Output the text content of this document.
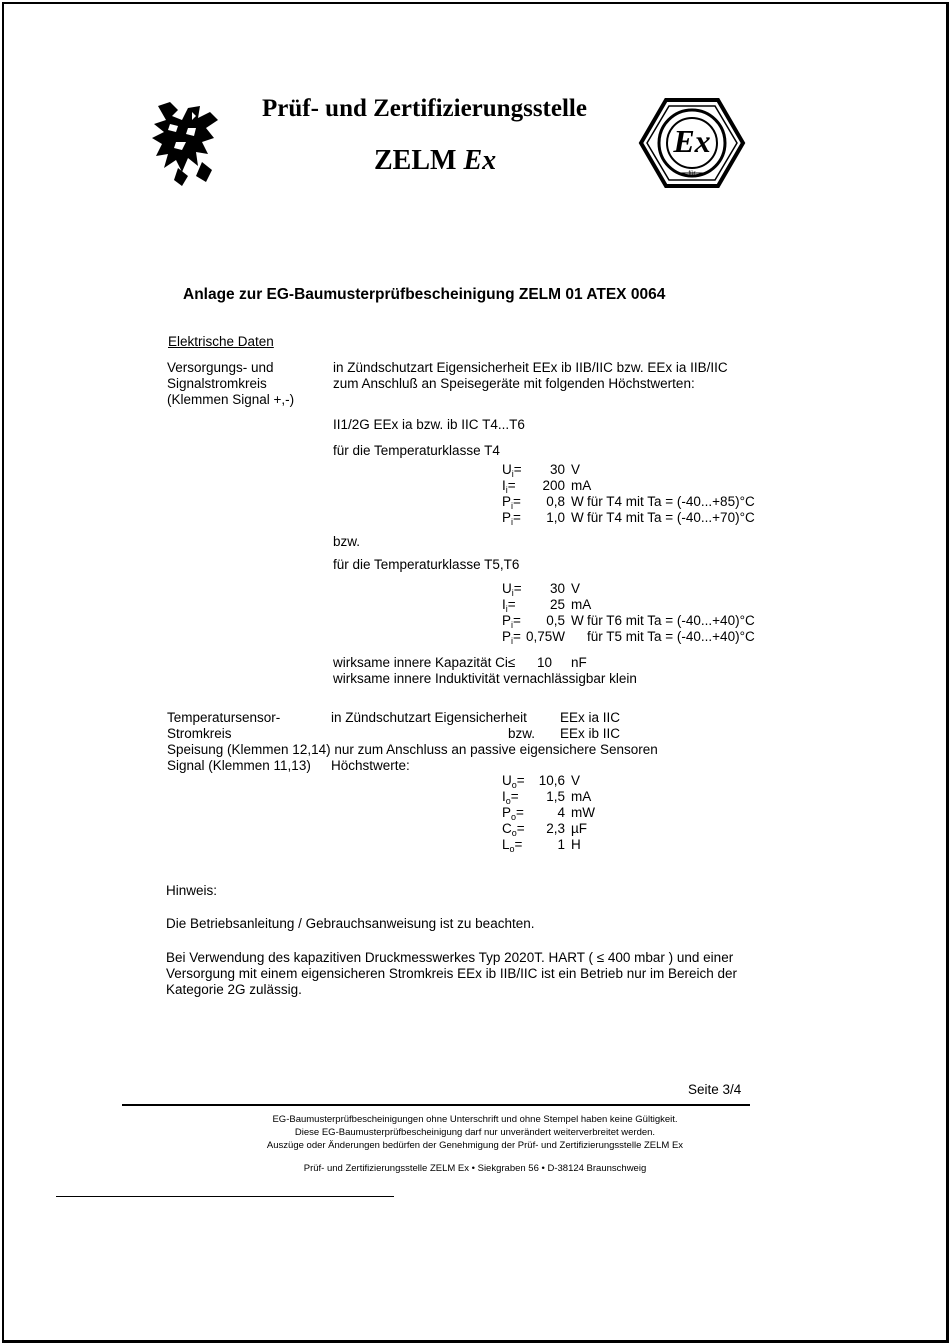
Prüf- und Zertifizierungsstelle
ZELM Ex
Ex
für
Anlage zur EG-Baumusterprüfbescheinigung ZELM 01 ATEX 0064
Elektrische Daten
Versorgungs- und
Signalstromkreis
(Klemmen Signal +,-)
in Zündschutzart Eigensicherheit EEx ib IIB/IIC bzw. EEx ia IIB/IIC
zum Anschluß an Speisegeräte mit folgenden Höchstwerten:
II1/2G EEx ia bzw. ib IIC T4...T6
für die Temperaturklasse T4
$U_i=$	30 V
$I_i=$	200 mA
$P_i=$	0,8 W für T4 mit Ta = (-40...+85)°C
$P_i=$	1,0 W für T4 mit Ta = (-40...+70)°C
bzw.
für die Temperaturklasse T5,T6
$U_i=$	30 V
$I_i=$	25 mA
$P_i=$	0,5 W für T6 mit Ta = (-40...+40)°C
$P_i= 0,75W$ für T5 mit Ta = (-40...+40)°C
wirksame innere Kapazität Ci≤ 10 nF
wirksame innere Induktivität vernachlässigbar klein
Temperatursensor-
Stromkreis
in Zündschutzart Eigensicherheit EEx ia IIC
bzw. EEx ib IIC
Speisung (Klemmen 12,14) nur zum Anschluss an passive eigensichere Sensoren
Signal (Klemmen 11,13) Höchstwerte:
$U_o=$	10,6 V
$I_o=$	1,5 mA
$P_o=$	4 mW
$C_o=$	2,3 µF
$L_o=$	1 H
Hinweis:
Die Betriebsanleitung / Gebrauchsanweisung ist zu beachten.
Bei Verwendung des kapazitiven Druckmesswerkes Typ 2020T. HART ( ≤ 400 mbar ) und einer
Versorgung mit einem eigensicheren Stromkreis EEx ib IIB/IIC ist ein Betrieb nur im Bereich der
Kategorie 2G zulässig.
Seite 3/4
EG-Baumusterprüfbescheinigungen ohne Unterschrift und ohne Stempel haben keine Gültigkeit.
Diese EG-Baumusterprüfbescheinigung darf nur unverändert weiterverbreitet werden.
Auszüge oder Änderungen bedürfen der Genehmigung der Prüf- und Zertifizierungsstelle ZELM Ex
Prüf- und Zertifizierungsstelle ZELM Ex • Siekgraben 56 • D-38124 Braunschweig
